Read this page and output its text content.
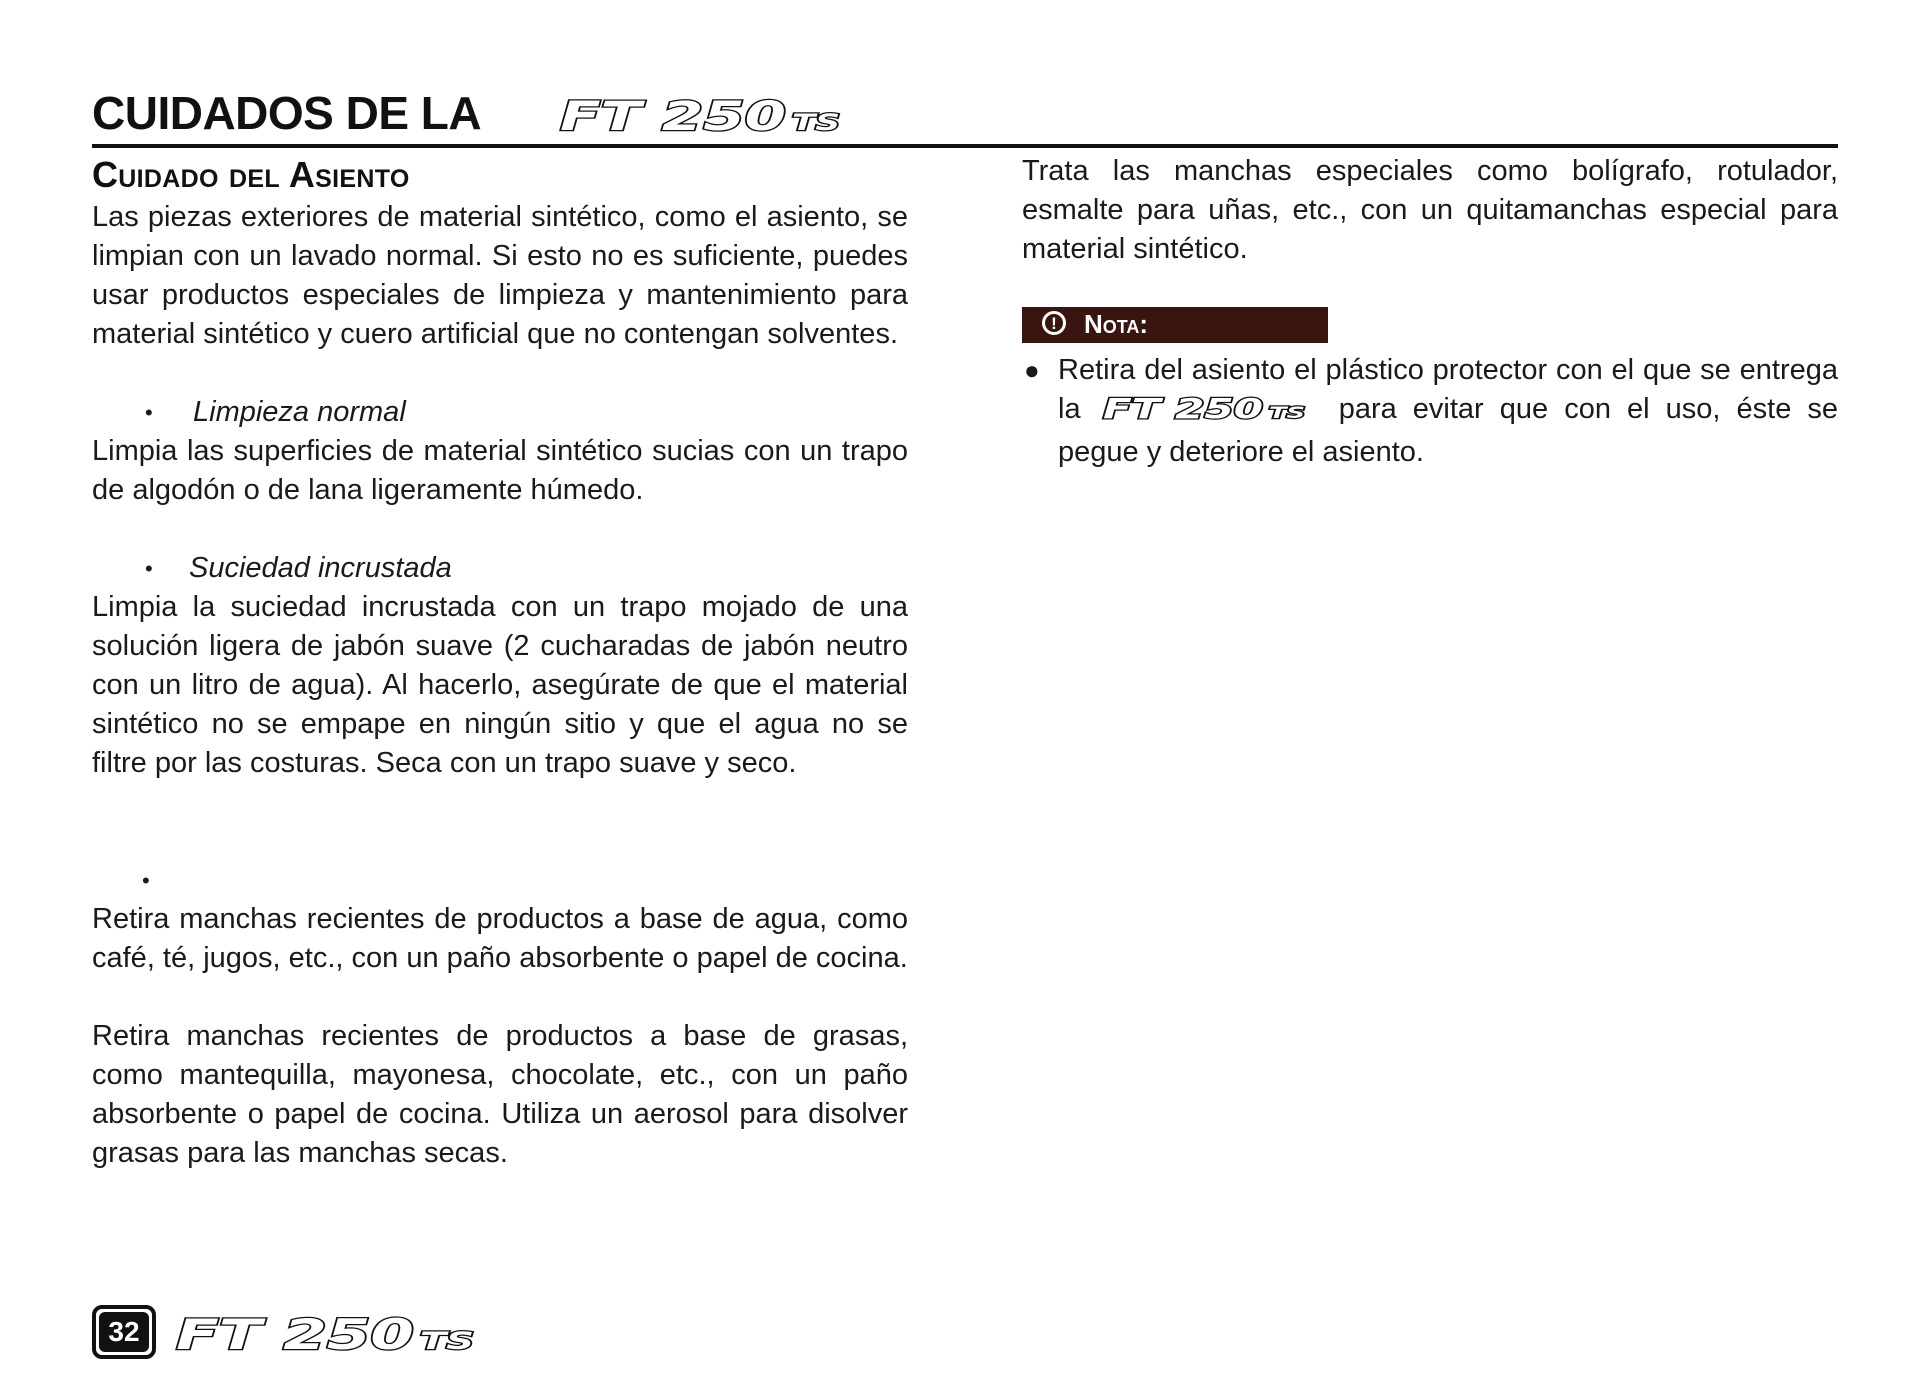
CUIDADOS DE LA FT 250 TS
Cuidado del Asiento

Las piezas exteriores de material sintético, como el asiento, se limpian con un lavado normal. Si esto no es suficiente, puedes usar productos especiales de limpieza y mantenimiento para material sintético y cuero artificial que no contengan solventes.

• Limpieza normal

Limpia las superficies de material sintético sucias con un trapo de algodón o de lana ligeramente húmedo.

• Suciedad incrustada

Limpia la suciedad incrustada con un trapo mojado de una solución ligera de jabón suave (2 cucharadas de jabón neutro con un litro de agua). Al hacerlo, asegúrate de que el material sintético no se empape en ningún sitio y que el agua no se filtre por las costuras. Seca con un trapo suave y seco.

•

Retira manchas recientes de productos a base de agua, como café, té, jugos, etc., con un paño absorbente o papel de cocina.

Retira manchas recientes de productos a base de grasas, como mantequilla, mayonesa, chocolate, etc., con un paño absorbente o papel de cocina. Utiliza un aerosol para disolver grasas para las manchas secas.

Trata las manchas especiales como bolígrafo, rotulador, esmalte para uñas, etc., con un quitamanchas especial para material sintético.

!	Nota:
● Retira del asiento el plástico protector con el que se entrega la FT 250 TS para evitar que con el uso, éste se pegue y deteriore el asiento.
32 FT 250 TS
